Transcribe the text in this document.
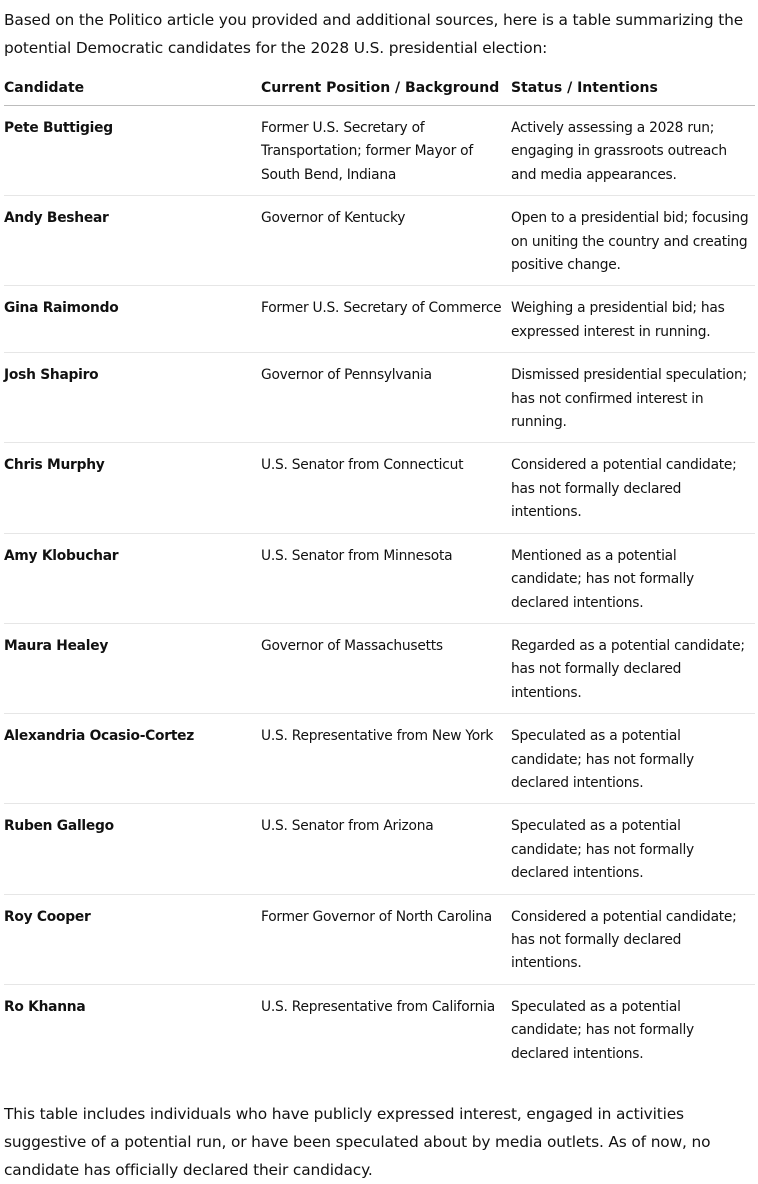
Based on the Politico article you provided and additional sources, here is a table summarizing the potential Democratic candidates for the 2028 U.S. presidential election:

Candidate	Current Position / Background	Status / Intentions
Pete Buttigieg	Former U.S. Secretary of Transportation; former Mayor of South Bend, Indiana	Actively assessing a 2028 run; engaging in grassroots outreach and media appearances.
Andy Beshear	Governor of Kentucky	Open to a presidential bid; focusing on uniting the country and creating positive change.
Gina Raimondo	Former U.S. Secretary of Commerce	Weighing a presidential bid; has expressed interest in running.
Josh Shapiro	Governor of Pennsylvania	Dismissed presidential speculation; has not confirmed interest in running.
Chris Murphy	U.S. Senator from Connecticut	Considered a potential candidate; has not formally declared intentions.
Amy Klobuchar	U.S. Senator from Minnesota	Mentioned as a potential candidate; has not formally declared intentions.
Maura Healey	Governor of Massachusetts	Regarded as a potential candidate; has not formally declared intentions.
Alexandria Ocasio-Cortez	U.S. Representative from New York	Speculated as a potential candidate; has not formally declared intentions.
Ruben Gallego	U.S. Senator from Arizona	Speculated as a potential candidate; has not formally declared intentions.
Roy Cooper	Former Governor of North Carolina	Considered a potential candidate; has not formally declared intentions.
Ro Khanna	U.S. Representative from California	Speculated as a potential candidate; has not formally declared intentions.

This table includes individuals who have publicly expressed interest, engaged in activities suggestive of a potential run, or have been speculated about by media outlets. As of now, no candidate has officially declared their candidacy.
